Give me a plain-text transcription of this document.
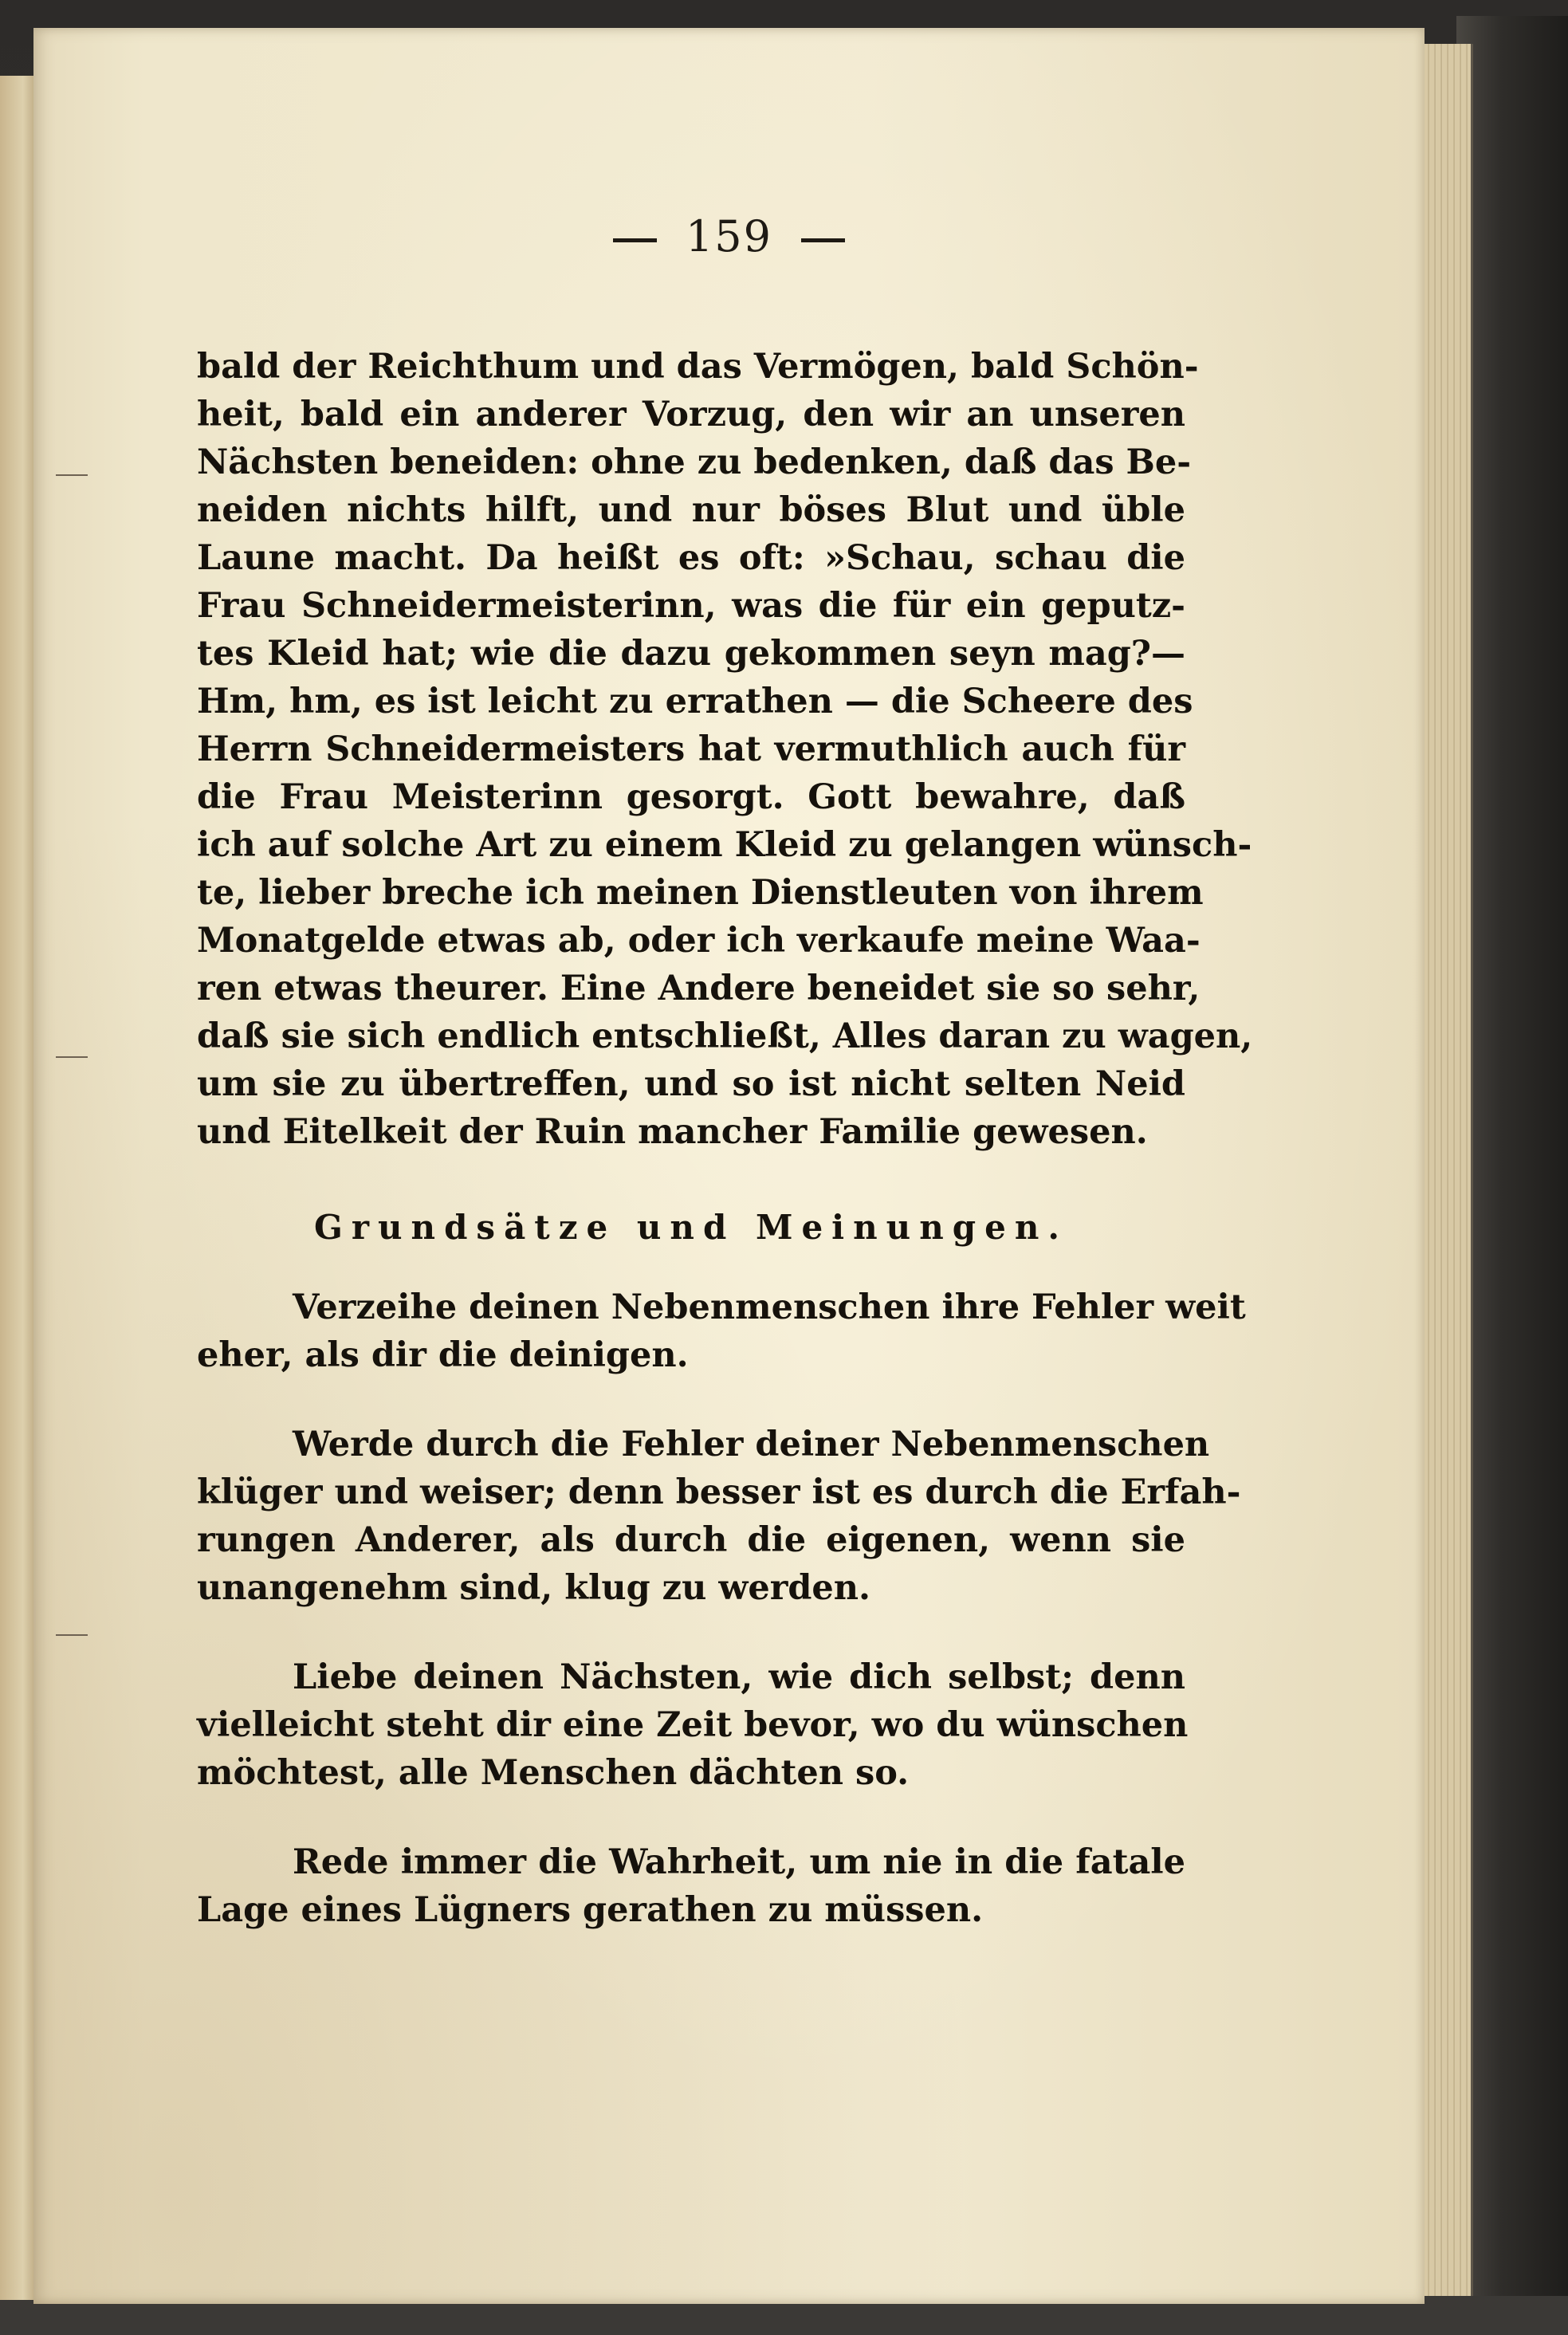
159
bald der Reichthum und das Vermögen, bald Schön-
heit, bald ein anderer Vorzug, den wir an unseren
Nächsten beneiden: ohne zu bedenken, daß das Be-
neiden nichts hilft, und nur böses Blut und üble
Laune macht. Da heißt es oft: »Schau, schau die
Frau Schneidermeisterinn, was die für ein geputz-
tes Kleid hat; wie die dazu gekommen seyn mag?—
Hm, hm, es ist leicht zu errathen — die Scheere des
Herrn Schneidermeisters hat vermuthlich auch für
die Frau Meisterinn gesorgt. Gott bewahre, daß
ich auf solche Art zu einem Kleid zu gelangen wünsch-
te, lieber breche ich meinen Dienstleuten von ihrem
Monatgelde etwas ab, oder ich verkaufe meine Waa-
ren etwas theurer. Eine Andere beneidet sie so sehr,
daß sie sich endlich entschließt, Alles daran zu wagen,
um sie zu übertreffen, und so ist nicht selten Neid
und Eitelkeit der Ruin mancher Familie gewesen.
Grundsätze und Meinungen.
Verzeihe deinen Nebenmenschen ihre Fehler weit
eher, als dir die deinigen.
Werde durch die Fehler deiner Nebenmenschen
klüger und weiser; denn besser ist es durch die Erfah-
rungen Anderer, als durch die eigenen, wenn sie
unangenehm sind, klug zu werden.
Liebe deinen Nächsten, wie dich selbst; denn
vielleicht steht dir eine Zeit bevor, wo du wünschen
möchtest, alle Menschen dächten so.
Rede immer die Wahrheit, um nie in die fatale
Lage eines Lügners gerathen zu müssen.
